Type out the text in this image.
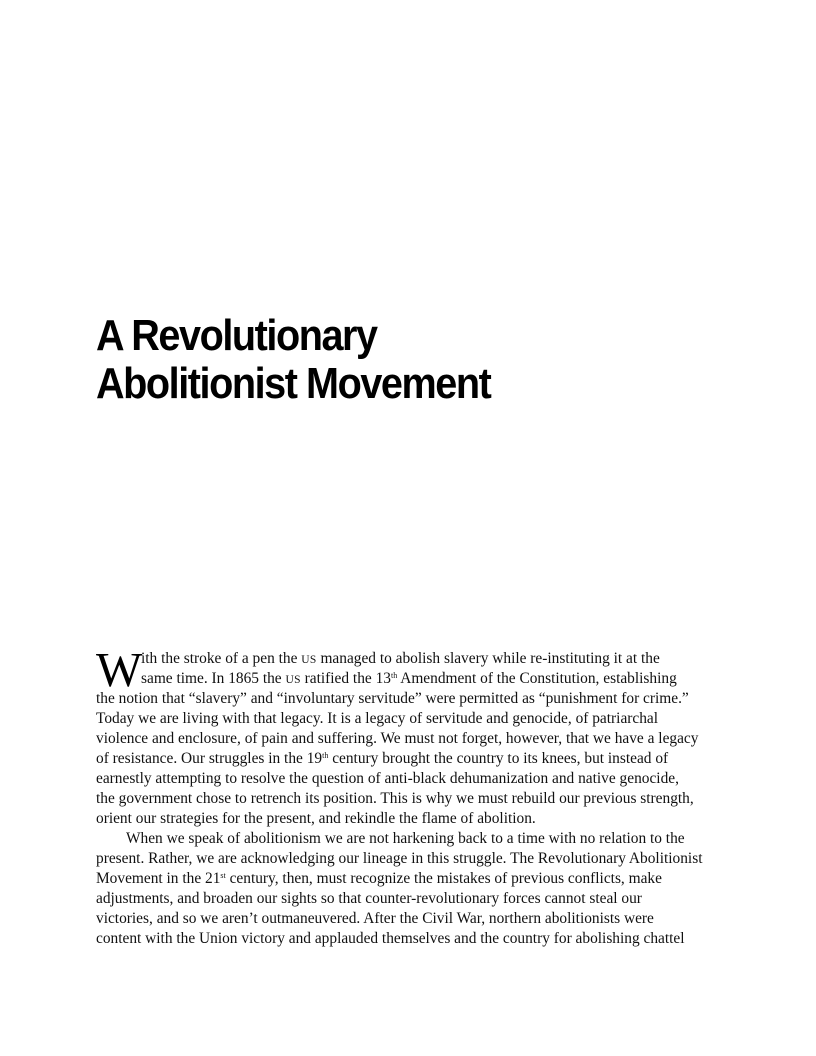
A Revolutionary
Abolitionist Movement
W
ith the stroke of a pen the US managed to abolish slavery while re-instituting it at the
same time. In 1865 the US ratified the 13th Amendment of the Constitution, establishing
the notion that “slavery” and “involuntary servitude” were permitted as “punishment for crime.”
Today we are living with that legacy. It is a legacy of servitude and genocide, of patriarchal
violence and enclosure, of pain and suffering. We must not forget, however, that we have a legacy
of resistance. Our struggles in the 19th century brought the country to its knees, but instead of
earnestly attempting to resolve the question of anti-black dehumanization and native genocide,
the government chose to retrench its position. This is why we must rebuild our previous strength,
orient our strategies for the present, and rekindle the flame of abolition.
When we speak of abolitionism we are not harkening back to a time with no relation to the
present. Rather, we are acknowledging our lineage in this struggle. The Revolutionary Abolitionist
Movement in the 21st century, then, must recognize the mistakes of previous conflicts, make
adjustments, and broaden our sights so that counter-revolutionary forces cannot steal our
victories, and so we aren’t outmaneuvered. After the Civil War, northern abolitionists were
content with the Union victory and applauded themselves and the country for abolishing chattel
